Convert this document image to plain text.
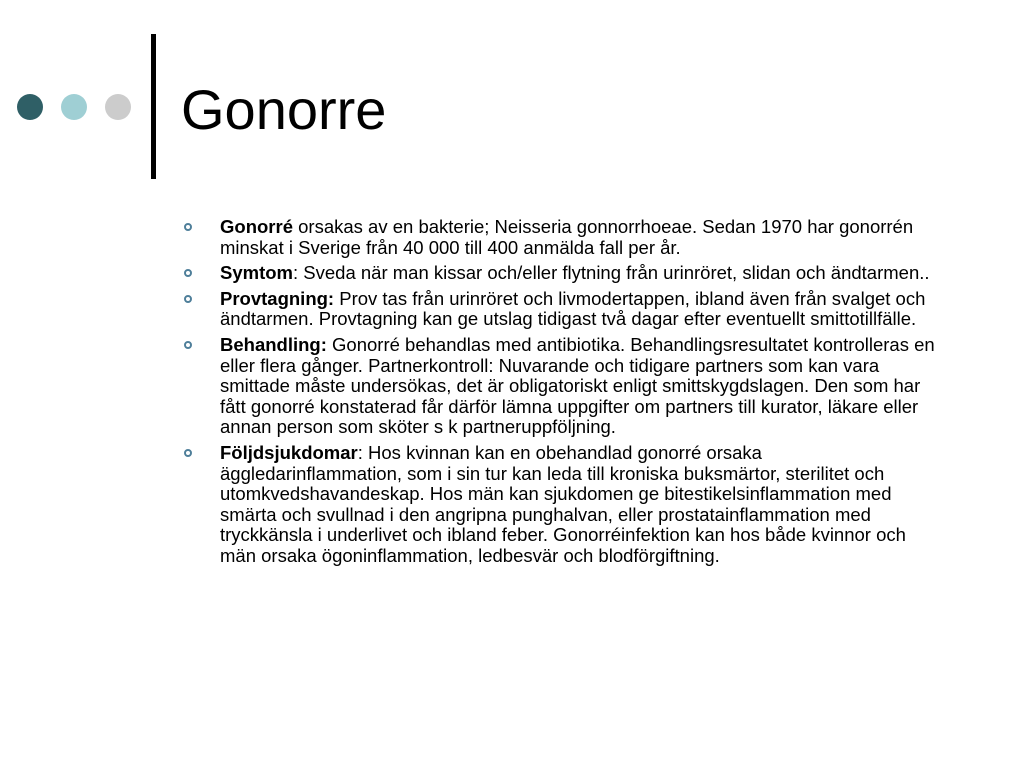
Gonorre
Gonorré orsakas av en bakterie; Neisseria gonnorrhoeae. Sedan 1970 har gonorrén minskat i Sverige från 40 000 till 400 anmälda fall per år.
Symtom: Sveda när man kissar och/eller flytning från urinröret, slidan och ändtarmen..
Provtagning: Prov tas från urinröret och livmodertappen, ibland även från svalget och ändtarmen. Provtagning kan ge utslag tidigast två dagar efter eventuellt smittotillfälle.
Behandling: Gonorré behandlas med antibiotika. Behandlingsresultatet kontrolleras en eller flera gånger. Partnerkontroll: Nuvarande och tidigare partners som kan vara smittade måste undersökas, det är obligatoriskt enligt smittskygdslagen. Den som har fått gonorré konstaterad får därför lämna uppgifter om partners till kurator, läkare eller annan person som sköter s k partneruppföljning.
Följdsjukdomar: Hos kvinnan kan en obehandlad gonorré orsaka äggledarinflammation, som i sin tur kan leda till kroniska buksmärtor, sterilitet och utomkvedshavandeskap. Hos män kan sjukdomen ge bitestikelsinflammation med smärta och svullnad i den angripna punghalvan, eller prostatainflammation med tryckkänsla i underlivet och ibland feber. Gonorréinfektion kan hos både kvinnor och män orsaka ögoninflammation, ledbesvär och blodförgiftning.
